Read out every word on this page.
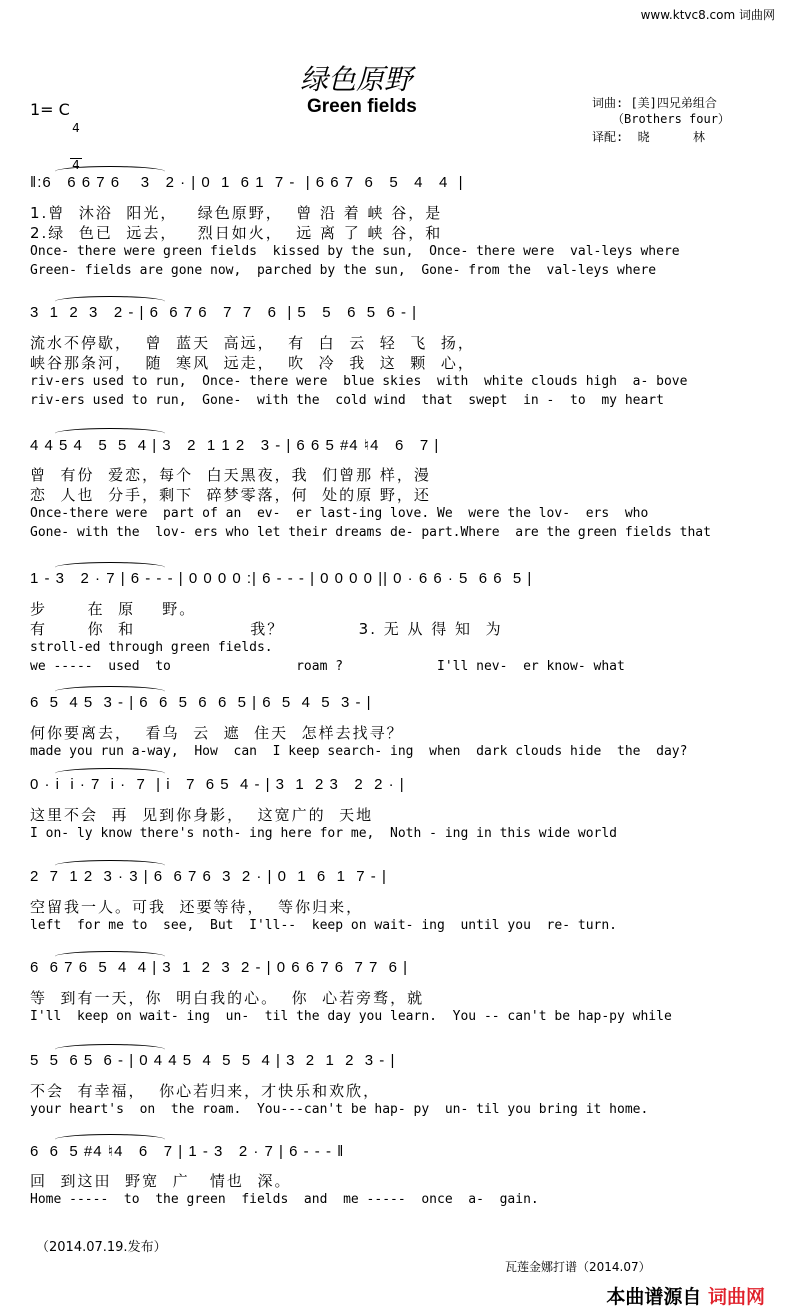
www.ktvc8.com 词曲网
绿色原野
Green fields
1= C

4

4

词曲: [美]四兄弟组合
（Brothers four）
译配:  晓      林
‖:6   6 6 7 6    3   2 · | 0  1  6 1  7 -  | 6 6 7  6   5   4   4  |
1.曾  沐浴  阳光，   绿色原野，  曾 沿 着 峡 谷，是
2.绿  色已  远去，   烈日如火，  远 离 了 峡 谷，和
Once- there were green fields  kissed by the sun,  Once- there were  val-leys where
Green- fields are gone now,  parched by the sun,  Gone- from the  val-leys where
3  1  2  3   2 - | 6  6 7 6   7  7   6  | 5   5   6  5  6 - |
流水不停歇，  曾  蓝天  高远，  有  白  云  轻  飞  扬，
峡谷那条河，  随  寒风  远走，  吹  冷  我  这  颗  心，
riv-ers used to run,  Once- there were  blue skies  with  white clouds high  a- bove
riv-ers used to run,  Gone-  with the  cold wind  that  swept  in -  to  my heart
4 4 5 4   5  5  4 | 3   2  1 1 2   3 - | 6 6 5 #4 ♮4   6   7 |
曾  有份  爱恋，每个  白天黑夜，我  们曾那 样，漫
恋  人也  分手，剩下  碎梦零落，何  处的原 野，还
Once-there were  part of an  ev-  er last-ing love. We  were the lov-  ers  who
Gone- with the  lov- ers who let their dreams de- part.Where  are the green fields that
1 - 3   2 · 7 | 6 - - - | 0 0 0 0 :| 6 - - - | 0 0 0 0 || 0 · 6 6 · 5  6 6  5 |
步      在  原    野。
有      你  和                 我？           3. 无 从 得 知  为
stroll-ed through green fields.
we -----  used  to                roam ?            I'll nev-  er know- what
6  5  4 5  3 - | 6  6  5  6  6  5 | 6  5  4  5  3 - |
何你要离去，  看乌  云  遮  住天  怎样去找寻？
made you run a-way,  How  can  I keep search- ing  when  dark clouds hide  the  day?
0 · i  i · 7  i ·  7  | i   7  6 5  4 - | 3  1  2 3   2  2 · |
这里不会  再  见到你身影，  这宽广的  天地
I on- ly know there's noth- ing here for me,  Noth - ing in this wide world
2  7  1 2  3 · 3 | 6  6 7 6  3  2 · | 0  1  6  1  7 - |
空留我一人。可我  还要等待，  等你归来，
left  for me to  see,  But  I'll--  keep on wait- ing  until you  re- turn.
6  6 7 6  5  4  4 | 3  1  2  3  2 - | 0 6 6 7 6  7 7  6 |
等  到有一天，你  明白我的心。  你  心若旁骛，就
I'll  keep on wait- ing  un-  til the day you learn.  You -- can't be hap-py while
5  5  6 5  6 - | 0 4 4 5  4  5  5  4 | 3  2  1  2  3 - |
不会  有幸福，  你心若归来，才快乐和欢欣，
your heart's  on  the roam.  You---can't be hap- py  un- til you bring it home.
6  6  5 #4 ♮4   6   7 | 1 - 3   2 · 7 | 6 - - - ‖
回  到这田  野宽  广   情也  深。
Home -----  to  the green  fields  and  me -----  once  a-  gain.
（2014.07.19.发布）
瓦莲金娜打谱（2014.07）
本曲谱源自 词曲网
